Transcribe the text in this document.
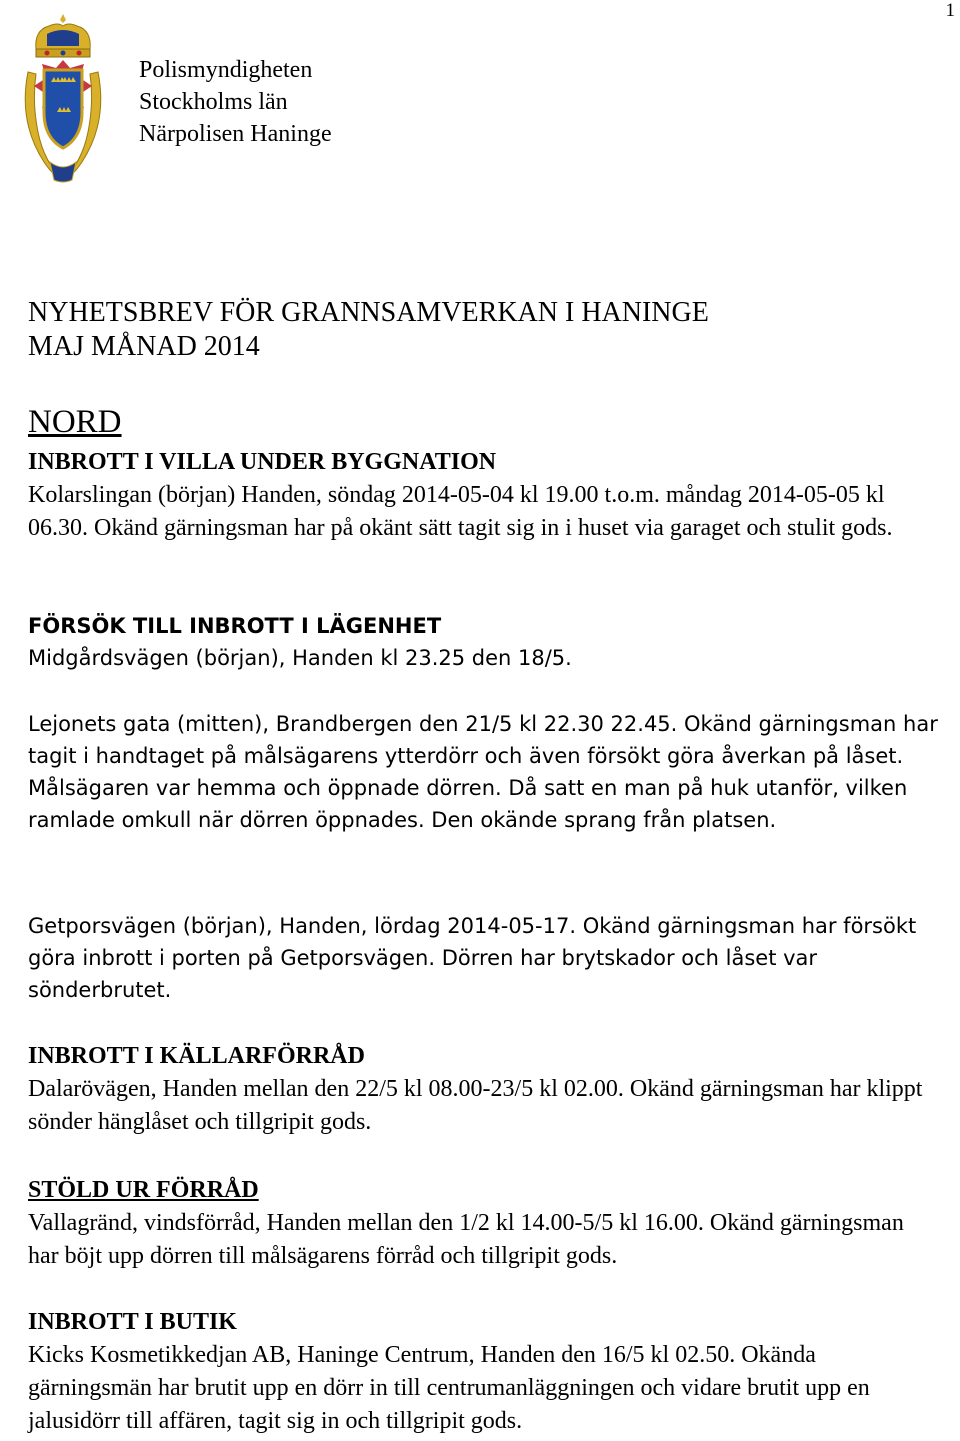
1
Polismyndigheten
Stockholms län
Närpolisen Haninge
NYHETSBREV FÖR GRANNSAMVERKAN I HANINGE
MAJ MÅNAD 2014
NORD
INBROTT I VILLA UNDER BYGGNATION
Kolarslingan (början) Handen, söndag 2014-05-04 kl 19.00 t.o.m. måndag 2014-05-05 kl 06.30. Okänd gärningsman har på okänt sätt tagit sig in i huset via garaget och stulit gods.
FÖRSÖK TILL INBROTT I LÄGENHET
Midgårdsvägen (början), Handen kl 23.25 den 18/5.
Lejonets gata (mitten), Brandbergen den 21/5 kl 22.30 22.45. Okänd gärningsman har tagit i handtaget på målsägarens ytterdörr och även försökt göra åverkan på låset. Målsägaren var hemma och öppnade dörren. Då satt en man på huk utanför, vilken ramlade omkull när dörren öppnades. Den okände sprang från platsen.
Getporsvägen (början), Handen, lördag 2014-05-17. Okänd gärningsman har försökt göra inbrott i porten på Getporsvägen. Dörren har brytskador och låset var sönderbrutet.
INBROTT I KÄLLARFÖRRÅD
Dalarövägen, Handen mellan den 22/5 kl 08.00-23/5 kl 02.00. Okänd gärningsman har klippt sönder hänglåset och tillgripit gods.
STÖLD UR FÖRRÅD
Vallagränd, vindsförråd, Handen mellan den 1/2 kl 14.00-5/5 kl 16.00. Okänd gärningsman har böjt upp dörren till målsägarens förråd och tillgripit gods.
INBROTT I BUTIK
Kicks Kosmetikkedjan AB, Haninge Centrum, Handen den 16/5 kl 02.50. Okända gärningsmän har brutit upp en dörr in till centrumanläggningen och vidare brutit upp en jalusidörr till affären, tagit sig in och tillgripit gods.
